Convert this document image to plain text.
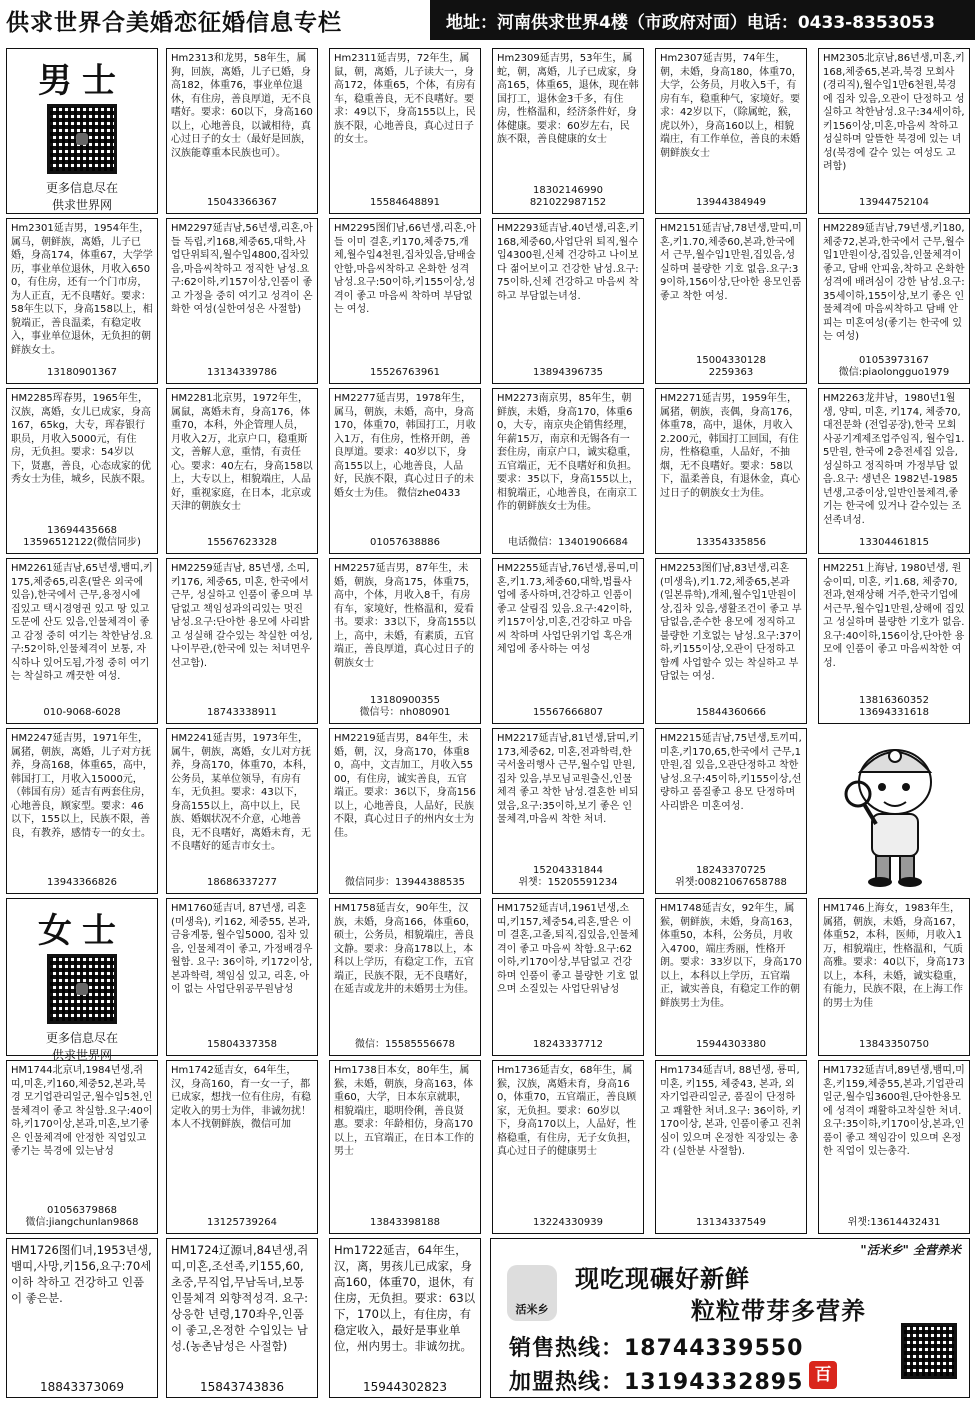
供求世界合美婚恋征婚信息专栏	地址：河南供求世界4楼（市政府对面）电话：0433-8353053
男士
更多信息尽在
供求世界网
Hm2313和龙男，58年生，属狗，回族，离婚，儿子已婚，身高182，体重76，事业单位退休，有住房，善良厚道，无不良嗜好。要求：60以下，身高160以上，心地善良，以诚相待，真心过日子的女士（最好是回族，汉族能尊重本民族也可）。
15043366367
Hm2311延吉男，72年生，属鼠，朝，离婚，儿子读大一，身高172，体重65，个体，有房有车，稳重善良，无不良嗜好。要求：49以下，身高155以上，民族不限，心地善良，真心过日子的女士。
15584648891
Hm2309延吉男，53年生，属蛇，朝，离婚，儿子已成家，身高165，体重65，退休，现在韩国打工，退休金3千多，有住房，性格温和，经济条件好，身体健康。要求：60岁左右，民族不限，善良健康的女士
18302146990
821022987152
Hm2307延吉男，74年生，朝，未婚，身高180，体重70，大学，公务员，月收入5千，有房有车，稳重种气，家境好。要求：42岁以下，（除属蛇，猴，虎以外），身高160以上，相貌端庄，有工作单位，善良的未婚朝鲜族女士
13944384949
HM2305北京남,86년생,미혼,키168,체중65,본과,북경 모회사(경리직),월수입1만6천원,북경에 집차 있음,오관이 단정하고 성실하고 착한남성.요구:34세이하,키156이상,미혼,마음씨 착하고 성실하며 알뜰한 북경에 있는 녀성(북경에 갈수 있는 여성도 고려함)
13944752104
Hm2301延吉男，1954年生，属马，朝鲜族，离婚，儿子已婚，身高174，体重67，大学学历，事业单位退休，月收入6500，有住房，还有一个门市房，为人正直，无不良嗜好。要求：58年生以下，身高158以上，相貌端正，善良温柔，有稳定收入，事业单位退休，无负担的朝鲜族女士。
13180901367
HM2297延吉남,56년생,리혼,아들 독립,키168,체중65,대학,사업단위퇴직,월수입4800,집차있음,마음씨착하고 정직한 남성.요구:62이하,키157이상,인품이 좋고 가정을 중히 여기고 성격이 온화한 여성(실한여성은 사절함)
13134339786
HM2295图们남,66년생,리혼,아들 이미 결혼,키170,체중75,개체,월수입4천원,집차있음,담배술 안함,마음씨착하고 온화한 성격남성.요구:50이하,키155이상,성격이 좋고 마음씨 착하며 부담없는 여성.
15526763961
HM2293延吉남.40년생,리혼,키168,체중60,사업단위 퇴직,월수입4300원,신체 건강하고 나이보다 젊어보이고 건강한 남성.요구:75이하,신체 건강하고 마음씨 착하고 부담없는녀성.
13894396735
HM2151延吉남,78년생,말띠,미혼,키1.70,체중60,본과,한국에서 근무,월수입1만원,집있음,성실하며 불량한 기호 없음.요구:39이하,156이상,단아한 용모인품 좋고 착한 여성.
15004330128
2259363
HM2289延吉남,79년생,키180,체중72,본과,한국에서 근무,월수입1만원이상,집있음,인물체격이 좋고, 담배 안피움,착하고 온화한 성격에 배려심이 강한 남성.요구:35세이하,155이상,보기 좋은 인물체격에 마음씨착하고 담배 안피는 미혼여성(좋기는 한국에 있는 여성)
01053973167
微信:piaolongguo1979
HM2285珲春男，1965年生，汉族，离婚，女儿已成家，身高167，65kg，大专，珲春银行职员，月收入5000元，有住房，无负担。要求：54岁以下，贤惠，善良，心态成家的优秀女士为佳，城乡，民族不限。
13694435668
13596512122(微信同步)
HM2281北京男，1972年生，属鼠，离婚未育，身高176，体重70，本科，外企管理人员，月收入2万，北京户口，稳重斯文，善解人意，重情，有责任心。要求：40左右，身高158以上，大专以上，相貌端庄，人品好，重视家庭，在日本，北京或天津的朝族女士
15567623328
HM2277延吉男，1978年生，属马，朝族，未婚，高中，身高170，体重70，韩国打工，月收入1万，有住房，性格开朗，善良厚道。要求：40岁以下，身高155以上，心地善良，人品好，民族不限，真心过日子的未婚女士为佳。 微信zhe0433
01057638886
HM2273南京男，85年生，朝鲜族，未婚，身高170，体重60，大专，南京央企销售经理，年薪15万，南京和无锡各有一套住房，南京户口，诚实稳重，五官端正，无不良嗜好和负担。要求：35以下，身高155以上，相貌端正，心地善良，在南京工作的朝鲜族女士为佳。
电话微信：13401906684
HM2271延吉男，1959年生，属猪，朝族，丧偶，身高176，体重78，高中，退休，月收入2.200元，韩国打工回国，有住房，性格稳重，人品好，不抽烟，无不良嗜好。要求：58以下，温柔善良，有退休金，真心过日子的朝族女士为佳。
13354335856
HM2263龙井남，1980년1월생, 양띠, 미혼, 키174, 체중70, 대전문화 (전업공장),한국 모회사공기계제조업주임직, 월수입1.5만원, 한국에 2층전세집 있음, 성실하고 정직하며 가정부담 없음.요구: 생년은 1982년-1985년생,고중이상,일반인물체격,좋기는 한국에 있거나 갈수있는 조선족녀성.
13304461815
HM2261延吉남,65년생,뱀띠,키175,체중65,리혼(딸은 외국에 있음),한국에서 근무,용정시에 집있고 택시경영권 있고 땅 있고 도문에 산도 있음,인물체격이 좋고 감정 중히 여기는 착한남성.요구:52이하,인물체격이 보통, 자식하나 있어도됨,가정 중히 여기는 착실하고 깨끗한 여성.
010-9068-6028
HM2259延吉남, 85년생, 소띠, 키176, 체중65, 미혼, 한국에서 근무, 성실하고 인품이 좋으며 부담없고 책임성과의리있는 멋진 남성.요구:단아한 용모에 사리밝고 성실해 갈수있는 착실한 여성,나이무관,(한국에 있는 처녀면우선고함).
18743338911
HM2257延吉男，87年生，未婚，朝族，身高175，体重75，高中，个体，月收入8千，有房有车，家境好，性格温和，爱看书。要求：33以下，身高155以上，高中，未婚，有素质，五官端正，善良厚道，真心过日子的朝族女士
13180900355
微信号：nh080901
HM2255延吉남,76년생,룡띠,미혼,키1.73,체중60,대학,법률사업에 종사하며,건강하고 인품이 좋고 살림집 있음.요구:42이하, 키157이상,미혼,건강하고 마음씨 착하며 사업단위기업 혹은개체업에 종사하는 여성
15567666807
HM2253图们남,83년생,리혼(미생육),키1.72,체중65,본과(일본류학),개체,월수입1만원이상,집차 있음,생활조건이 좋고 부담없음,준수한 용모에 정직하고 불량한 기호없는 남성.요구:37이하,키155이상,오관이 단정하고 함께 사업할수 있는 착실하고 부담없는 여성.
15844360666
HM2251上海남, 1980년생, 원숭이띠, 미혼, 키1.68, 체중70,전과,현재상해 거주,한국기업에서근무,월수입1만원,상해에 집있고 성실하며 불량한 기호가 없음.요구:40이하,156이상,단아한 용모에 인품이 좋고 마음씨착한 여성.
13816360352
13694331618
HM2247延吉男，1971年生，属猪，朝族，离婚，儿子对方抚养，身高168，体重65，高中，韩国打工，月收入15000元，（韩国有房）延吉有两套住房，心地善良，顾家型。要求：46以下，155以上，民族不限，善良，有教养，感情专一的女士。
13943366826
HM2241延吉男，1973年生，属牛，朝族，离婚，女儿对方抚养，身高170，体重70，本科，公务员，某单位领导，有房有车，无负担。要求：43以下，身高155以上，高中以上，民族、婚姻状况不介意，心地善良，无不良嗜好，离婚未育，无不良嗜好的延吉市女士。
18686337277
HM2219延吉男，84年生，未婚，朝，汉，身高170，体重80，高中，文吉加工，月收入5500，有住房，诚实善良，五官端正。要求：36以下，身高156以上，心地善良，人品好，民族不限，真心过日子的州内女士为佳。
微信同步：13944388535
HM2217延吉남,81년생,닭띠,키173,체중62, 미혼,전과학력,한국서울러행사 근무,월수입 만원,집차 있음,부모님교원출신,인물체격 좋고 착한 남성.결혼한 비되였음,요구:35이하,보기 좋은 인물체격,마음씨 착한 처녀.
15204331844
위챗：15205591234
HM2215延吉남,75년생,토끼띠,미혼,키170,65,한국에서 근무,1만원,집 있음,오관단정하고 착한 남성.요구:45이하,키155이상,선량하고 품질좋고 용모 단정하며 사리밝은 미혼여성.
18243370725
위챗:00821067658788
HM1760延吉녀, 87년생, 리혼(미생육), 키162, 체중55, 본과, 금융계통, 월수입5000, 집차 있음, 인물체격이 좋고, 가정배경우월함. 요구: 36이하, 키172이상, 본과학력, 책임심 있고, 리혼, 아이 없는 사업단위공무원남성
15804337358
HM1758延吉女，90年生，汉族，未婚，身高166，体重60，硕士，公务员，相貌端庄，善良文静。要求：身高178以上，本科以上学历，有稳定工作，五官端正，民族不限，无不良嗜好，在延吉或龙井的未婚男士为佳。
微信：15585556678
HM1752延吉녀,1961년생,소띠,키157,체중54,리혼,딸은 이미 결혼,고졸,퇴직,집있음,인물체격이 좋고 마음씨 착함.요구:62이하,키170이상,부담없고 건강하며 인품이 좋고 불량한 기호 없으며 소질있는 사업단위남성
18243337712
HM1748延吉女，92年生，属猴，朝鲜族，未婚，身高163，体重50，本科，公务员，月收入4700，端庄秀丽，性格开朗。要求：33岁以下，身高170以上，本科以上学历，五官端正，诚实善良，有稳定工作的朝鲜族男士为佳。
15944303380
HM1746上海女，1983年生，属猪，朝族，未婚，身高167，体重52，本科，医师，月收入1万，相貌端庄，性格温和，气质高雅。要求：40以下，身高173以上，本科，未婚，诚实稳重，有能力，民族不限，在上海工作的男士为佳
13843350750
HM1744北京녀,1984년생,쥐띠,미혼,키160,체중52,본과,북경 모기업관리일군,월수입5천,인물체격이 좋고 착실함.요구:40이하,키170이상,본과,미혼,보기좋은 인물체격에 안정한 직업있고 좋기는 북경에 있는남성
01056379868
微信:jiangchunlan9868
Hm1742延吉女，64年生，汉，身高160，育一女一子，都已成家，想找一位有住房，有稳定收入的男士为伴，非诚勿扰！本人不找朝鲜族，微信可加
13125739264
Hm1738日本女，80年生，属猴，未婚，朝族，身高163，体重60，大学，日本东京就职，相貌端庄，聪明伶俐，善良贤惠。要求：年龄相仿，身高170以上，五官端正，在日本工作的男士
13843398188
Hm1736延吉女，68年生，属猴，汉族，离婚未育，身高160，体重70，五官端正，善良顾家，无负担。要求：60岁以下，身高170以上，人品好，性格稳重，有住房，无子女负担，真心过日子的健康男士
13224330939
Hm1734延吉녀, 88년생, 룡띠, 미혼, 키155, 체중43, 본과, 외자기업관리일군, 품질이 단정하고 쾌활한 처녀.요구: 36이하, 키170이상, 본과, 인품이좋고 진취심이 있으며 온정한 직장있는 총각 (실한분 사절함).
13134337549
HM1732延吉녀,89년생,뱀띠,미혼,키159,체중55,본과,기업관리일군,월수입3600원,단아한용모에 성격이 쾌활하고착실한 처녀.요구:35이하,키170이상,본과,인품이 좋고 책임감이 있으며 온정한 직업이 있는총각.
위챗:13614432431
HM1726图们녀,1953년생,뱀띠,사망,키156,요구:70세이하 착하고 건강하고 인품이 좋은분.
18843373069
HM1724辽源녀,84년생,쥐띠,미혼,조선족,키155,60,초중,무직업,무남독녀,보통인물체격 외향적성격. 요구:상응한 년령,170좌우,인품이 좋고,온정한 수입있는 남성.(농촌남성은 사절함)
15843743836
Hm1722延吉，64年生，汉，离，男孩儿已成家，身高160，体重70，退休，有住房，无负担。要求：63以下，170以上，有住房，有稳定收入，最好是事业单位，州内男士。非诚勿扰。
15944302823
女士
更多信息尽在
供求世界网
"活米乡" 全营养米
活米乡
现吃现碾好新鲜
粒粒带芽多营养
销售热线：18744339550
加盟热线：13194332895 百
